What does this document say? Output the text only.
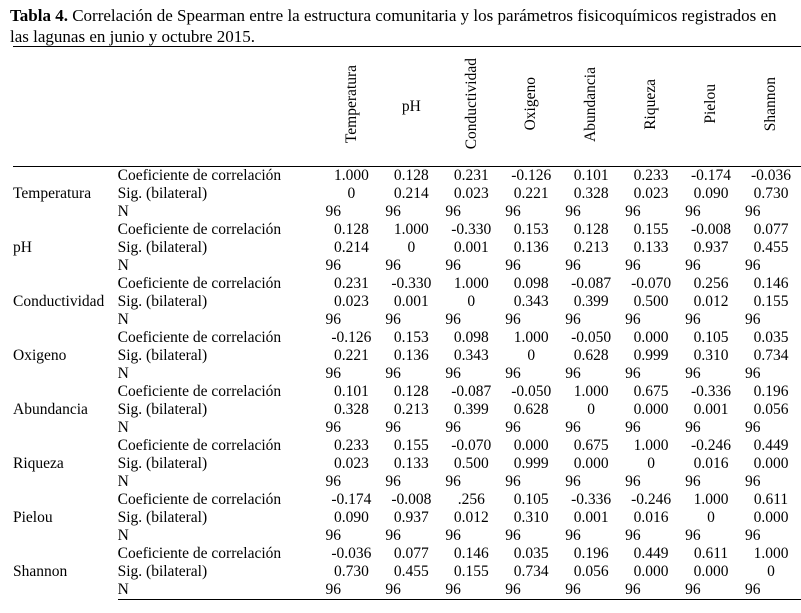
Tabla 4. Correlación de Spearman entre la estructura comunitaria y los parámetros fisicoquímicos registrados en las lagunas en junio y octubre 2015.
		Temperatura	pH	Conductividad	Oxigeno	Abundancia	Riqueza	Pielou	Shannon
Temperatura	Coeficiente de correlación	1.000	0.128	0.231	-0.126	0.101	0.233	-0.174	-0.036
	Sig. (bilateral)	0	0.214	0.023	0.221	0.328	0.023	0.090	0.730
	N	96	96	96	96	96	96	96	96
pH	Coeficiente de correlación	0.128	1.000	-0.330	0.153	0.128	0.155	-0.008	0.077
	Sig. (bilateral)	0.214	0	0.001	0.136	0.213	0.133	0.937	0.455
	N	96	96	96	96	96	96	96	96
Conductividad	Coeficiente de correlación	0.231	-0.330	1.000	0.098	-0.087	-0.070	0.256	0.146
	Sig. (bilateral)	0.023	0.001	0	0.343	0.399	0.500	0.012	0.155
	N	96	96	96	96	96	96	96	96
Oxigeno	Coeficiente de correlación	-0.126	0.153	0.098	1.000	-0.050	0.000	0.105	0.035
	Sig. (bilateral)	0.221	0.136	0.343	0	0.628	0.999	0.310	0.734
	N	96	96	96	96	96	96	96	96
Abundancia	Coeficiente de correlación	0.101	0.128	-0.087	-0.050	1.000	0.675	-0.336	0.196
	Sig. (bilateral)	0.328	0.213	0.399	0.628	0	0.000	0.001	0.056
	N	96	96	96	96	96	96	96	96
Riqueza	Coeficiente de correlación	0.233	0.155	-0.070	0.000	0.675	1.000	-0.246	0.449
	Sig. (bilateral)	0.023	0.133	0.500	0.999	0.000	0	0.016	0.000
	N	96	96	96	96	96	96	96	96
Pielou	Coeficiente de correlación	-0.174	-0.008	.256	0.105	-0.336	-0.246	1.000	0.611
	Sig. (bilateral)	0.090	0.937	0.012	0.310	0.001	0.016	0	0.000
	N	96	96	96	96	96	96	96	96
Shannon	Coeficiente de correlación	-0.036	0.077	0.146	0.035	0.196	0.449	0.611	1.000
	Sig. (bilateral)	0.730	0.455	0.155	0.734	0.056	0.000	0.000	0
	N	96	96	96	96	96	96	96	96
